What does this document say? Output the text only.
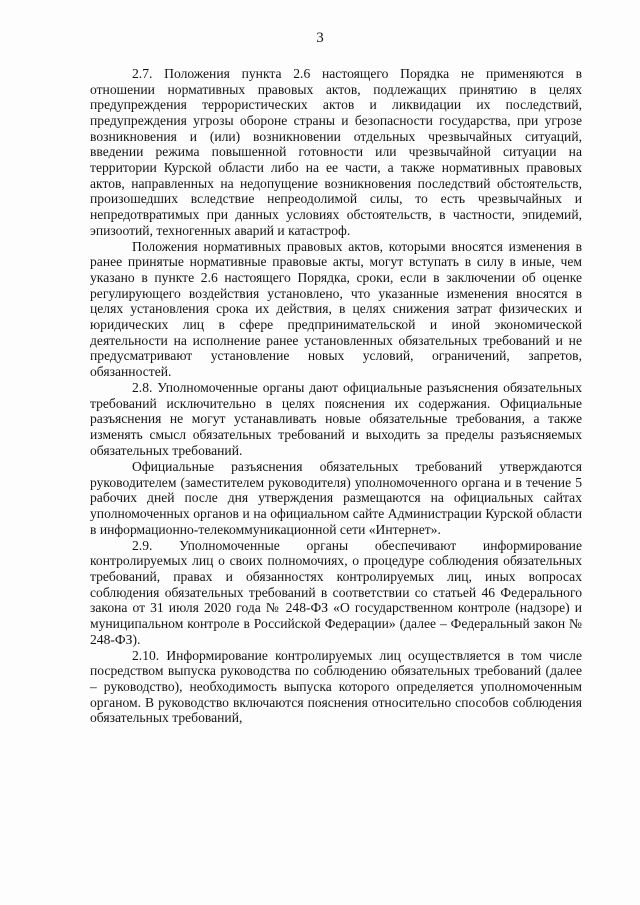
3

2.7. Положения пункта 2.6 настоящего Порядка не применяются в отношении нормативных правовых актов, подлежащих принятию в целях предупреждения террористических актов и ликвидации их последствий, предупреждения угрозы обороне страны и безопасности государства, при угрозе возникновения и (или) возникновении отдельных чрезвычайных ситуаций, введении режима повышенной готовности или чрезвычайной ситуации на территории Курской области либо на ее части, а также нормативных правовых актов, направленных на недопущение возникновения последствий обстоятельств, произошедших вследствие непреодолимой силы, то есть чрезвычайных и непредотвратимых при данных условиях обстоятельств, в частности, эпидемий, эпизоотий, техногенных аварий и катастроф.

Положения нормативных правовых актов, которыми вносятся изменения в ранее принятые нормативные правовые акты, могут вступать в силу в иные, чем указано в пункте 2.6 настоящего Порядка, сроки, если в заключении об оценке регулирующего воздействия установлено, что указанные изменения вносятся в целях установления срока их действия, в целях снижения затрат физических и юридических лиц в сфере предпринимательской и иной экономической деятельности на исполнение ранее установленных обязательных требований и не предусматривают установление новых условий, ограничений, запретов, обязанностей.

2.8. Уполномоченные органы дают официальные разъяснения обязательных требований исключительно в целях пояснения их содержания. Официальные разъяснения не могут устанавливать новые обязательные требования, а также изменять смысл обязательных требований и выходить за пределы разъясняемых обязательных требований.

Официальные разъяснения обязательных требований утверждаются руководителем (заместителем руководителя) уполномоченного органа и в течение 5 рабочих дней после дня утверждения размещаются на официальных сайтах уполномоченных органов и на официальном сайте Администрации Курской области в информационно-телекоммуникационной сети «Интернет».

2.9. Уполномоченные органы обеспечивают информирование контролируемых лиц о своих полномочиях, о процедуре соблюдения обязательных требований, правах и обязанностях контролируемых лиц, иных вопросах соблюдения обязательных требований в соответствии со статьей 46 Федерального закона от 31 июля 2020 года № 248-ФЗ «О государственном контроле (надзоре) и муниципальном контроле в Российской Федерации» (далее – Федеральный закон № 248-ФЗ).

2.10. Информирование контролируемых лиц осуществляется в том числе посредством выпуска руководства по соблюдению обязательных требований (далее – руководство), необходимость выпуска которого определяется уполномоченным органом. В руководство включаются пояснения относительно способов соблюдения обязательных требований,
